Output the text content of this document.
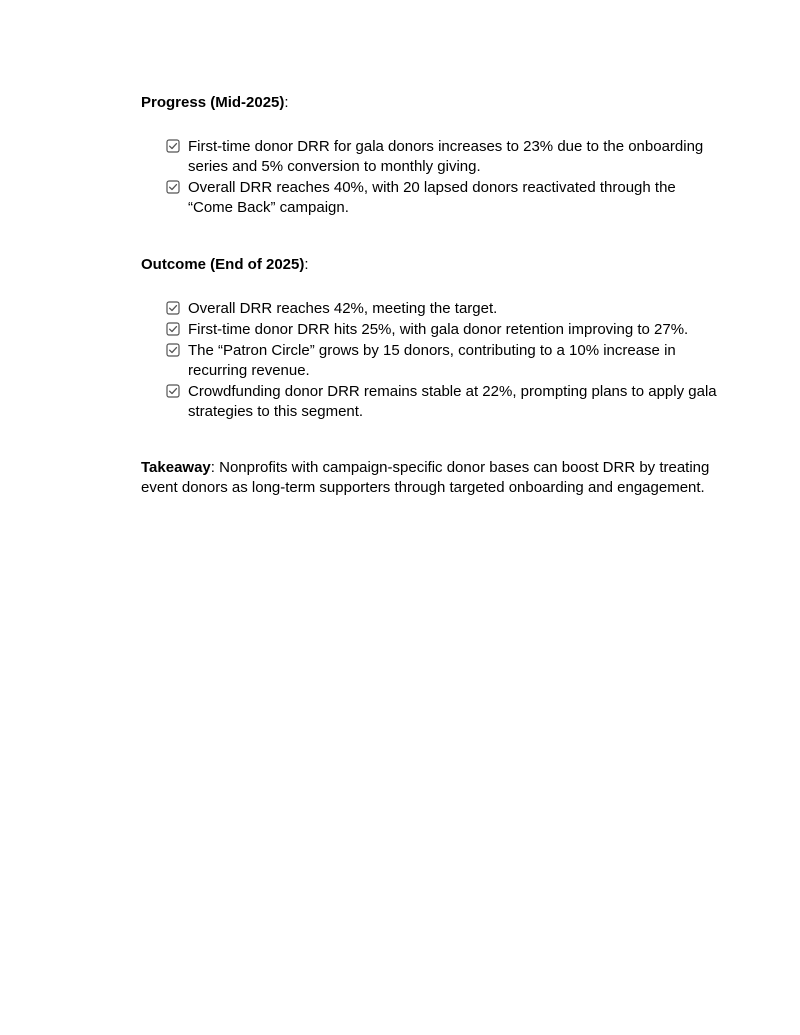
Progress (Mid-2025):

First-time donor DRR for gala donors increases to 23% due to the onboarding series and 5% conversion to monthly giving.
Overall DRR reaches 40%, with 20 lapsed donors reactivated through the “Come Back” campaign.

Outcome (End of 2025):

Overall DRR reaches 42%, meeting the target.
First-time donor DRR hits 25%, with gala donor retention improving to 27%.
The “Patron Circle” grows by 15 donors, contributing to a 10% increase in recurring revenue.
Crowdfunding donor DRR remains stable at 22%, prompting plans to apply gala strategies to this segment.

Takeaway: Nonprofits with campaign-specific donor bases can boost DRR by treating event donors as long-term supporters through targeted onboarding and engagement.
